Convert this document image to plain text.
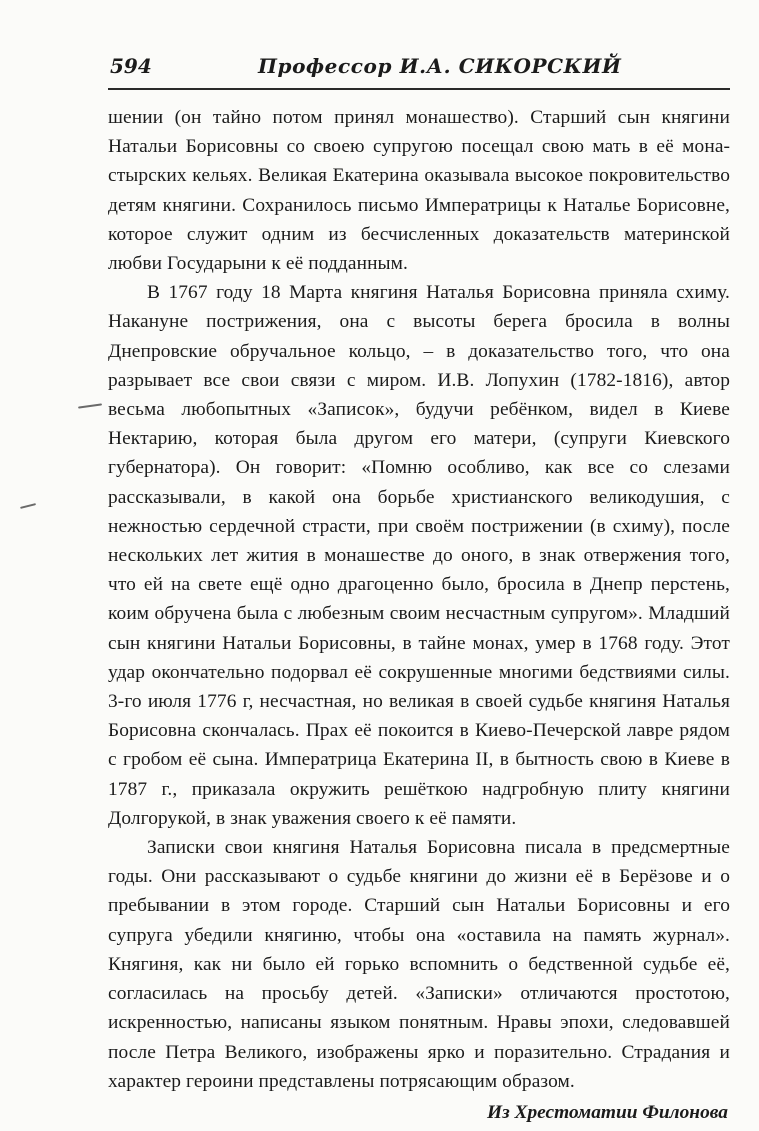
594	Профессор И.А. СИКОРСКИЙ

шении (он тайно потом принял монашество). Старший сын княгини Натальи Борисовны со своею супругою посещал свою мать в её монастырских кельях. Великая Екатерина оказывала высокое покровительство детям княгини. Сохранилось письмо Императрицы к Наталье Борисовне, которое служит одним из бесчисленных доказательств материнской любви Государыни к её подданным.

В 1767 году 18 Марта княгиня Наталья Борисовна приняла схиму. Накануне пострижения, она с высоты берега бросила в волны Днепровские обручальное кольцо, – в доказательство того, что она разрывает все свои связи с миром. И.В. Лопухин (1782-1816), автор весьма любопытных «Записок», будучи ребёнком, видел в Киеве Нектарию, которая была другом его матери, (супруги Киевского губернатора). Он говорит: «Помню особливо, как все со слезами рассказывали, в какой она борьбе христианского великодушия, с нежностью сердечной страсти, при своём пострижении (в схиму), после нескольких лет жития в монашестве до оного, в знак отвержения того, что ей на свете ещё одно драгоценно было, бросила в Днепр перстень, коим обручена была с любезным своим несчастным супругом». Младший сын княгини Натальи Борисовны, в тайне монах, умер в 1768 году. Этот удар окончательно подорвал её сокрушенные многими бедствиями силы. 3-го июля 1776 г, несчастная, но великая в своей судьбе княгиня Наталья Борисовна скончалась. Прах её покоится в Киево-Печерской лавре рядом с гробом её сына. Императрица Екатерина II, в бытность свою в Киеве в 1787 г., приказала окружить решёткою надгробную плиту княгини Долгорукой, в знак уважения своего к её памяти.

Записки свои княгиня Наталья Борисовна писала в предсмертные годы. Они рассказывают о судьбе княгини до жизни её в Берёзове и о пребывании в этом городе. Старший сын Натальи Борисовны и его супруга убедили княгиню, чтобы она «оставила на память журнал». Княгиня, как ни было ей горько вспомнить о бедственной судьбе её, согласилась на просьбу детей. «Записки» отличаются простотою, искренностью, написаны языком понятным. Нравы эпохи, следовавшей после Петра Великого, изображены ярко и поразительно. Страдания и характер героини представлены потрясающим образом.

Из Хрестоматии Филонова
